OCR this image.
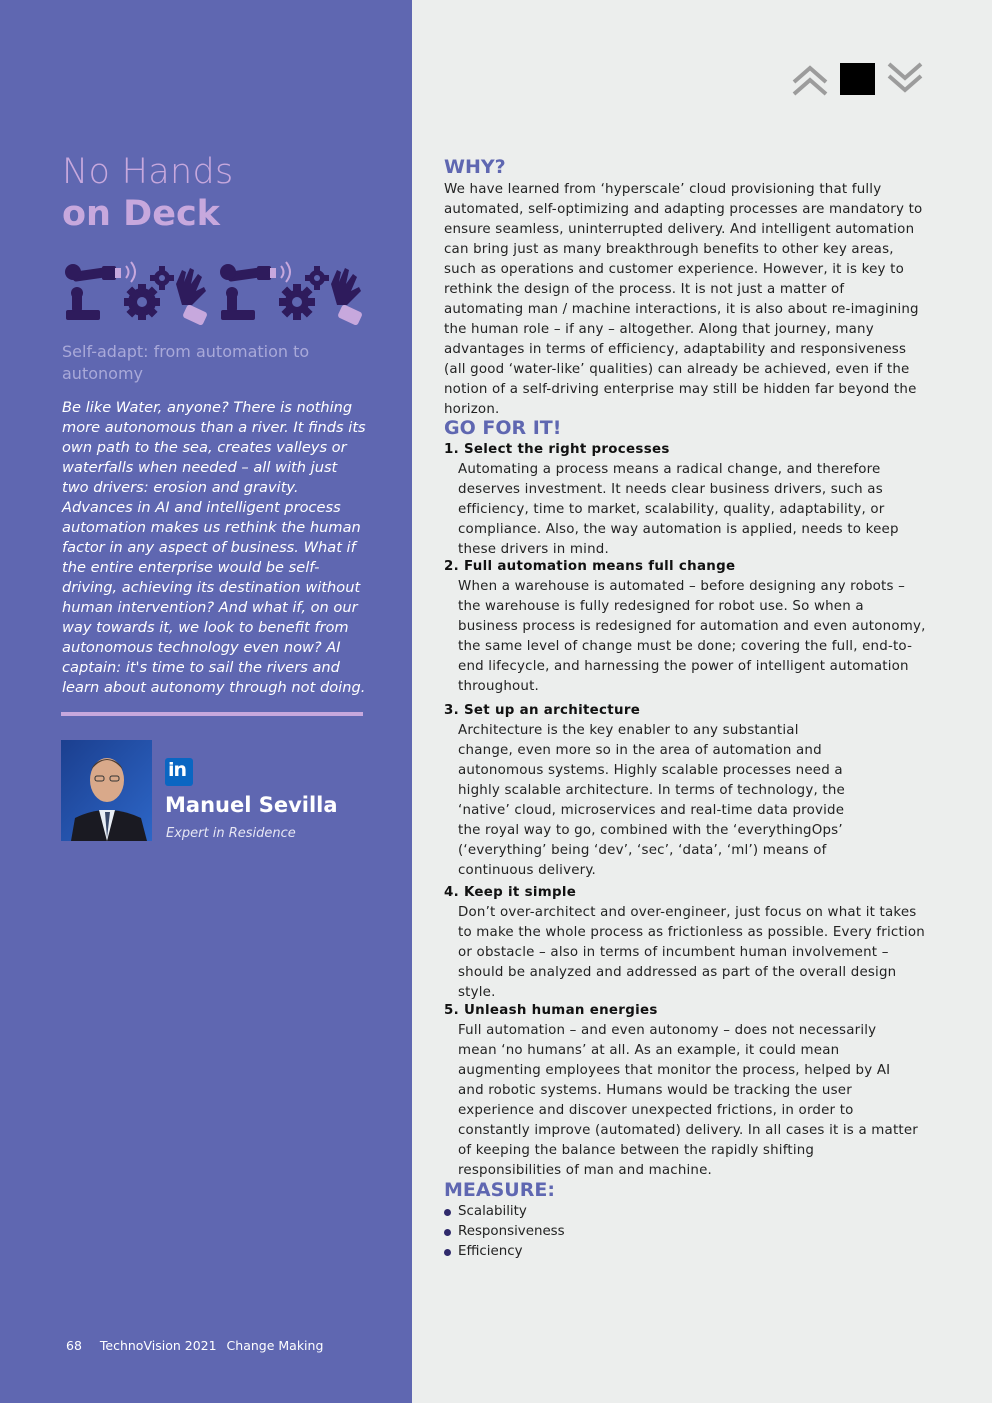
No Hands
on Deck
Self-adapt: from automation to autonomy
Be like Water, anyone? There is nothing more autonomous than a river. It finds its own path to the sea, creates valleys or waterfalls when needed – all with just two drivers: erosion and gravity. Advances in AI and intelligent process automation makes us rethink the human factor in any aspect of business. What if the entire enterprise would be self-driving, achieving its destination without human intervention? And what if, on our way towards it, we look to benefit from autonomous technology even now? AI captain: it's time to sail the rivers and learn about autonomy through not doing.
in
Manuel Sevilla
Expert in Residence
68 TechnoVision 2021 Change Making
WHY?
We have learned from ‘hyperscale’ cloud provisioning that fully automated, self-optimizing and adapting processes are mandatory to ensure seamless, uninterrupted delivery. And intelligent automation can bring just as many breakthrough benefits to other key areas, such as operations and customer experience. However, it is key to rethink the design of the process. It is not just a matter of automating man / machine interactions, it is also about re-imagining the human role – if any – altogether. Along that journey, many advantages in terms of efficiency, adaptability and responsiveness (all good ‘water-like’ qualities) can already be achieved, even if the notion of a self-driving enterprise may still be hidden far beyond the horizon.
GO FOR IT!
1. Select the right processes
Automating a process means a radical change, and therefore deserves investment. It needs clear business drivers, such as efficiency, time to market, scalability, quality, adaptability, or compliance. Also, the way automation is applied, needs to keep these drivers in mind.
2. Full automation means full change
When a warehouse is automated – before designing any robots – the warehouse is fully redesigned for robot use. So when a business process is redesigned for automation and even autonomy, the same level of change must be done; covering the full, end-to-end lifecycle, and harnessing the power of intelligent automation throughout.
3. Set up an architecture
Architecture is the key enabler to any substantial change, even more so in the area of automation and autonomous systems. Highly scalable processes need a highly scalable architecture. In terms of technology, the ‘native’ cloud, microservices and real-time data provide the royal way to go, combined with the ‘everythingOps’ (‘everything’ being ‘dev’, ‘sec’, ‘data’, ‘ml’) means of continuous delivery.
4. Keep it simple
Don’t over-architect and over-engineer, just focus on what it takes to make the whole process as frictionless as possible. Every friction or obstacle – also in terms of incumbent human involvement – should be analyzed and addressed as part of the overall design style.
5. Unleash human energies
Full automation – and even autonomy – does not necessarily mean ‘no humans’ at all. As an example, it could mean augmenting employees that monitor the process, helped by AI and robotic systems. Humans would be tracking the user experience and discover unexpected frictions, in order to constantly improve (automated) delivery. In all cases it is a matter of keeping the balance between the rapidly shifting responsibilities of man and machine.
MEASURE:
Scalability
Responsiveness
Efficiency
